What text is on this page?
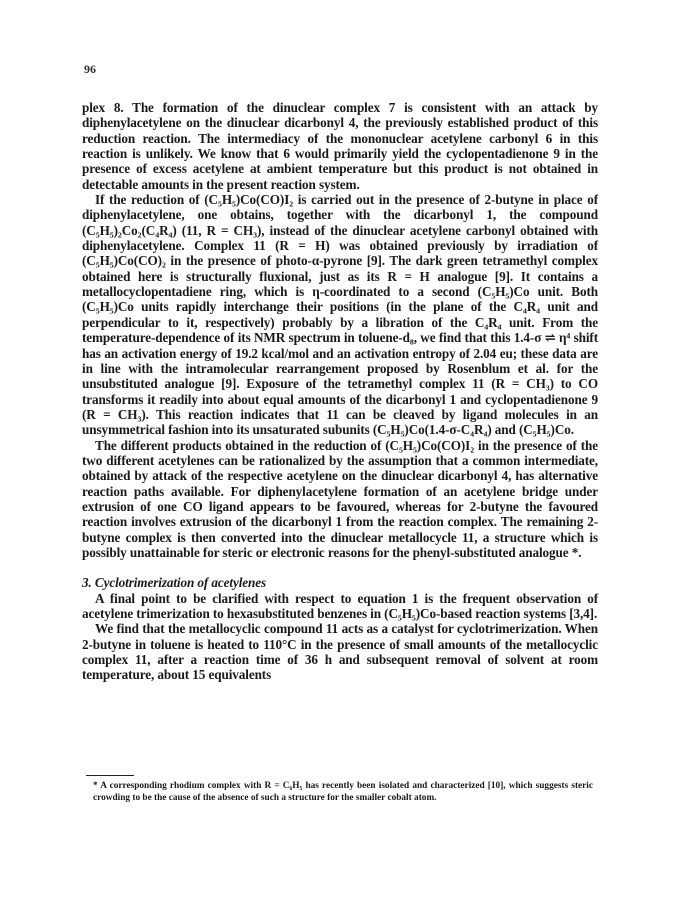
96

plex 8. The formation of the dinuclear complex 7 is consistent with an attack by diphenylacetylene on the dinuclear dicarbonyl 4, the previously established product of this reduction reaction. The intermediacy of the mononuclear acetylene carbonyl 6 in this reaction is unlikely. We know that 6 would primarily yield the cyclopentadienone 9 in the presence of excess acetylene at ambient temperature but this product is not obtained in detectable amounts in the present reaction system.

If the reduction of (C₅H₅)Co(CO)I₂ is carried out in the presence of 2-butyne in place of diphenylacetylene, one obtains, together with the dicarbonyl 1, the compound (C₅H₅)₂Co₂(C₄R₄) (11, R = CH₃), instead of the dinuclear acetylene carbonyl obtained with diphenylacetylene. Complex 11 (R = H) was obtained previously by irradiation of (C₅H₅)Co(CO)₂ in the presence of photo-α-pyrone [9]. The dark green tetramethyl complex obtained here is structurally fluxional, just as its R = H analogue [9]. It contains a metallocyclopentadiene ring, which is η-coordinated to a second (C₅H₅)Co unit. Both (C₅H₅)Co units rapidly interchange their positions (in the plane of the C₄R₄ unit and perpendicular to it, respectively) probably by a libration of the C₄R₄ unit. From the temperature-dependence of its NMR spectrum in toluene-d₈, we find that this 1.4-σ ⇌ η⁴ shift has an activation energy of 19.2 kcal/mol and an activation entropy of 2.04 eu; these data are in line with the intramolecular rearrangement proposed by Rosenblum et al. for the unsubstituted analogue [9]. Exposure of the tetramethyl complex 11 (R = CH₃) to CO transforms it readily into about equal amounts of the dicarbonyl 1 and cyclopentadienone 9 (R = CH₃). This reaction indicates that 11 can be cleaved by ligand molecules in an unsymmetrical fashion into its unsaturated subunits (C₅H₅)Co(1.4-σ-C₄R₄) and (C₅H₅)Co.

The different products obtained in the reduction of (C₅H₅)Co(CO)I₂ in the presence of the two different acetylenes can be rationalized by the assumption that a common intermediate, obtained by attack of the respective acetylene on the dinuclear dicarbonyl 4, has alternative reaction paths available. For diphenylacetylene formation of an acetylene bridge under extrusion of one CO ligand appears to be favoured, whereas for 2-butyne the favoured reaction involves extrusion of the dicarbonyl 1 from the reaction complex. The remaining 2-butyne complex is then converted into the dinuclear metallocycle 11, a structure which is possibly unattainable for steric or electronic reasons for the phenyl-substituted analogue *.

3. Cyclotrimerization of acetylenes

A final point to be clarified with respect to equation 1 is the frequent observation of acetylene trimerization to hexasubstituted benzenes in (C₅H₅)Co-based reaction systems [3,4].

We find that the metallocyclic compound 11 acts as a catalyst for cyclotrimerization. When 2-butyne in toluene is heated to 110°C in the presence of small amounts of the metallocyclic complex 11, after a reaction time of 36 h and subsequent removal of solvent at room temperature, about 15 equivalents

* A corresponding rhodium complex with R = C₆H₅ has recently been isolated and characterized [10], which suggests steric crowding to be the cause of the absence of such a structure for the smaller cobalt atom.
